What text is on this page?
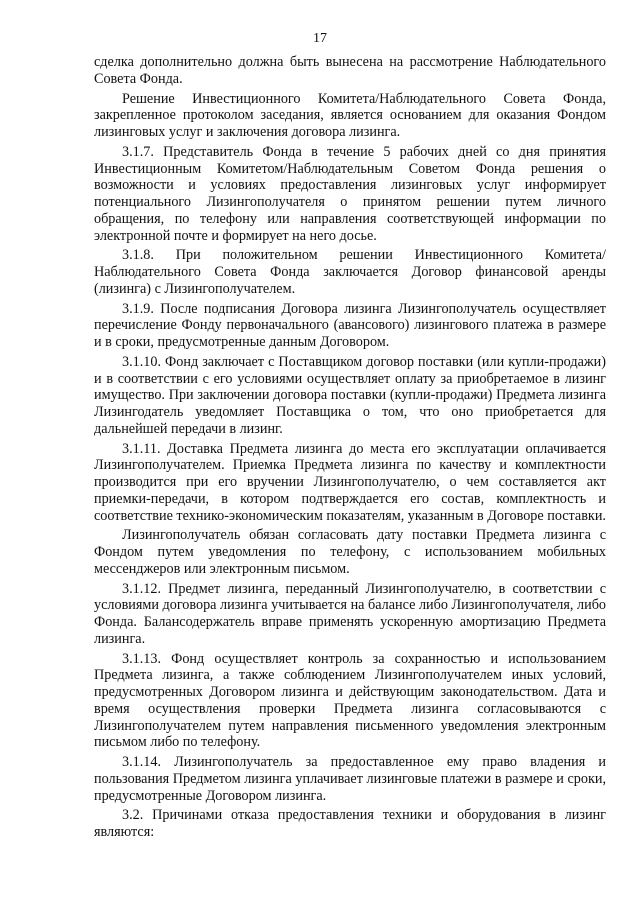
17

сделка дополнительно должна быть вынесена на рассмотрение Наблюдательного Совета Фонда.

Решение Инвестиционного Комитета/Наблюдательного Совета Фонда, закрепленное протоколом заседания, является основанием для оказания Фондом лизинговых услуг и заключения договора лизинга.

3.1.7. Представитель Фонда в течение 5 рабочих дней со дня принятия Инвестиционным Комитетом/Наблюдательным Советом Фонда решения о возможности и условиях предоставления лизинговых услуг информирует потенциального Лизингополучателя о принятом решении путем личного обращения, по телефону или направления соответствующей информации по электронной почте и формирует на него досье.

3.1.8. При положительном решении Инвестиционного Комитета/Наблюдательного Совета Фонда заключается Договор финансовой аренды (лизинга) с Лизингополучателем.

3.1.9. После подписания Договора лизинга Лизингополучатель осуществляет перечисление Фонду первоначального (авансового) лизингового платежа в размере и в сроки, предусмотренные данным Договором.

3.1.10. Фонд заключает с Поставщиком договор поставки (или купли-продажи) и в соответствии с его условиями осуществляет оплату за приобретаемое в лизинг имущество. При заключении договора поставки (купли-продажи) Предмета лизинга Лизингодатель уведомляет Поставщика о том, что оно приобретается для дальнейшей передачи в лизинг.

3.1.11. Доставка Предмета лизинга до места его эксплуатации оплачивается Лизингополучателем. Приемка Предмета лизинга по качеству и комплектности производится при его вручении Лизингополучателю, о чем составляется акт приемки-передачи, в котором подтверждается его состав, комплектность и соответствие технико-экономическим показателям, указанным в Договоре поставки.

Лизингополучатель обязан согласовать дату поставки Предмета лизинга с Фондом путем уведомления по телефону, с использованием мобильных мессенджеров или электронным письмом.

3.1.12. Предмет лизинга, переданный Лизингополучателю, в соответствии с условиями договора лизинга учитывается на балансе либо Лизингополучателя, либо Фонда. Балансодержатель вправе применять ускоренную амортизацию Предмета лизинга.

3.1.13. Фонд осуществляет контроль за сохранностью и использованием Предмета лизинга, а также соблюдением Лизингополучателем иных условий, предусмотренных Договором лизинга и действующим законодательством. Дата и время осуществления проверки Предмета лизинга согласовываются с Лизингополучателем путем направления письменного уведомления электронным письмом либо по телефону.

3.1.14. Лизингополучатель за предоставленное ему право владения и пользования Предметом лизинга уплачивает лизинговые платежи в размере и сроки, предусмотренные Договором лизинга.

3.2. Причинами отказа предоставления техники и оборудования в лизинг являются:
